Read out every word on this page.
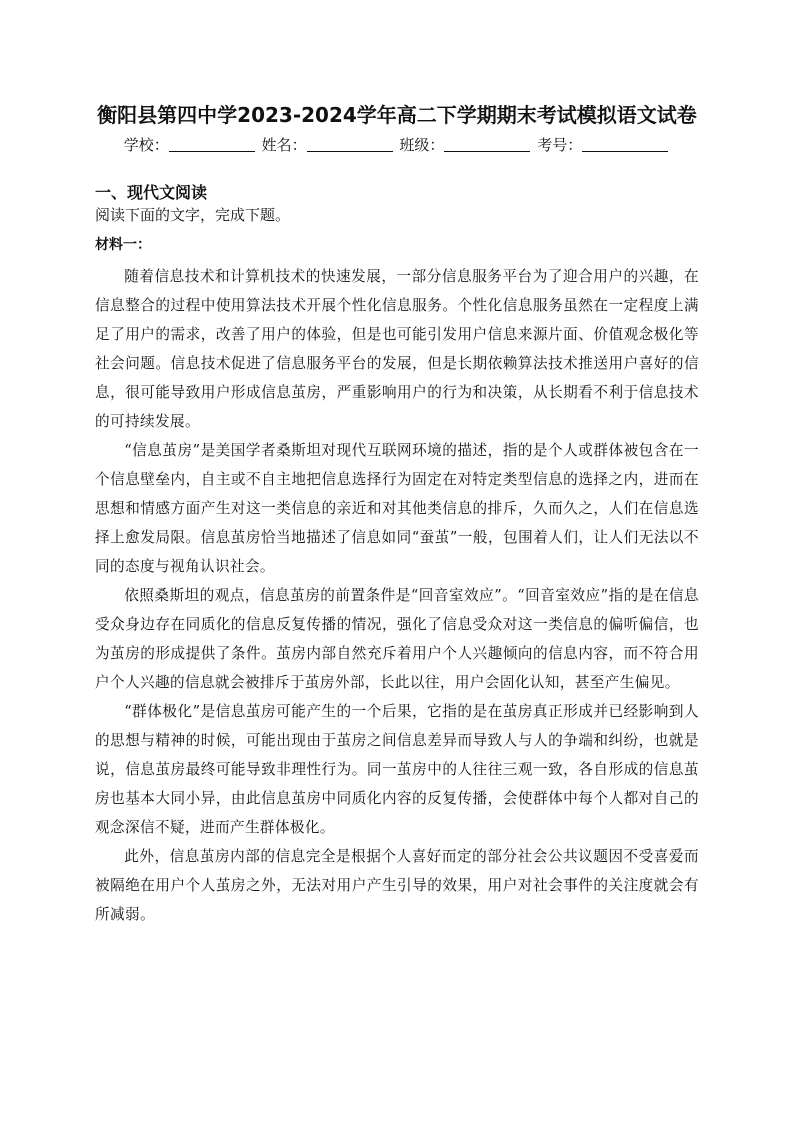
衡阳县第四中学2023-2024学年高二下学期期末考试模拟语文试卷
学校：	姓名：	班级：	考号：
一、现代文阅读
阅读下面的文字，完成下题。
材料一：

随着信息技术和计算机技术的快速发展，一部分信息服务平台为了迎合用户的兴趣，在信息整合的过程中使用算法技术开展个性化信息服务。个性化信息服务虽然在一定程度上满足了用户的需求，改善了用户的体验，但是也可能引发用户信息来源片面、价值观念极化等社会问题。信息技术促进了信息服务平台的发展，但是长期依赖算法技术推送用户喜好的信息，很可能导致用户形成信息茧房，严重影响用户的行为和决策，从长期看不利于信息技术的可持续发展。

“信息茧房”是美国学者桑斯坦对现代互联网环境的描述，指的是个人或群体被包含在一个信息壁垒内，自主或不自主地把信息选择行为固定在对特定类型信息的选择之内，进而在思想和情感方面产生对这一类信息的亲近和对其他类信息的排斥，久而久之，人们在信息选择上愈发局限。信息茧房恰当地描述了信息如同“蚕茧”一般，包围着人们，让人们无法以不同的态度与视角认识社会。

依照桑斯坦的观点，信息茧房的前置条件是“回音室效应”。“回音室效应”指的是在信息受众身边存在同质化的信息反复传播的情况，强化了信息受众对这一类信息的偏听偏信，也为茧房的形成提供了条件。茧房内部自然充斥着用户个人兴趣倾向的信息内容，而不符合用户个人兴趣的信息就会被排斥于茧房外部，长此以往，用户会固化认知，甚至产生偏见。

“群体极化”是信息茧房可能产生的一个后果，它指的是在茧房真正形成并已经影响到人的思想与精神的时候，可能出现由于茧房之间信息差异而导致人与人的争端和纠纷，也就是说，信息茧房最终可能导致非理性行为。同一茧房中的人往往三观一致，各自形成的信息茧房也基本大同小异，由此信息茧房中同质化内容的反复传播，会使群体中每个人都对自己的观念深信不疑，进而产生群体极化。

此外，信息茧房内部的信息完全是根据个人喜好而定的部分社会公共议题因不受喜爱而被隔绝在用户个人茧房之外，无法对用户产生引导的效果，用户对社会事件的关注度就会有所减弱。
